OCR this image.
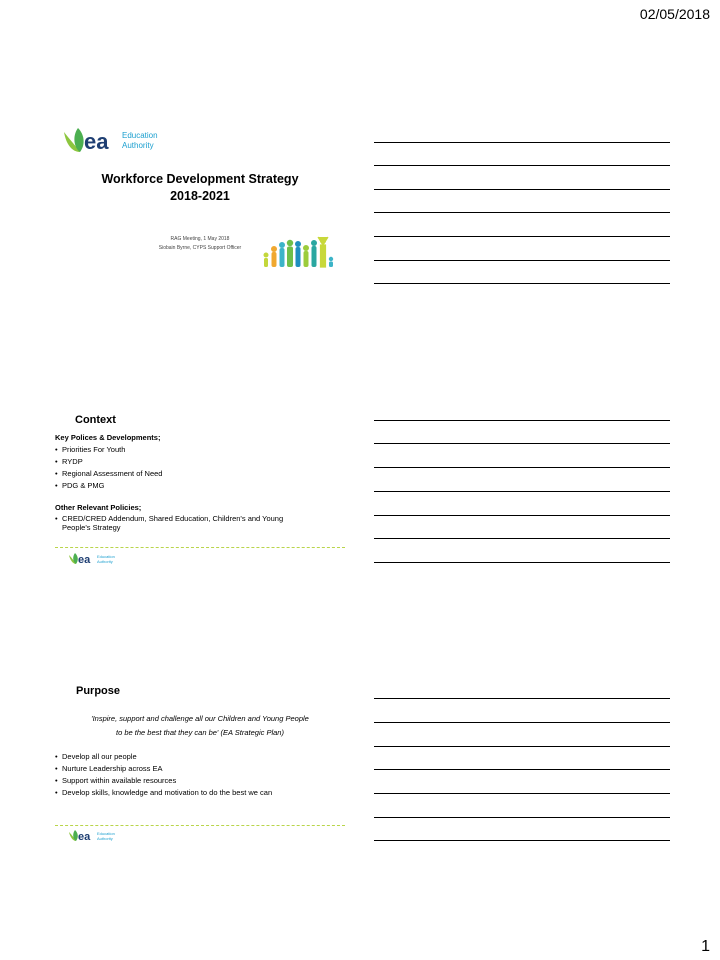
02/05/2018
ea Education
Authority
Workforce Development Strategy
2018-2021
RAG Meeting, 1 May 2018
Siobain Byrne, CYPS Support Officer
Context
Key Polices & Developments;
• Priorities For Youth
• RYDP
• Regional Assessment of Need
• PDG & PMG
Other Relevant Policies;
• CRED/CRED Addendum, Shared Education, Children's and Young People's Strategy
ea Education
Authority
Purpose
'Inspire, support and challenge all our Children and Young People
to be the best that they can be' (EA Strategic Plan)
• Develop all our people
• Nurture Leadership across EA
• Support within available resources
• Develop skills, knowledge and motivation to do the best we can
ea Education
Authority
1
